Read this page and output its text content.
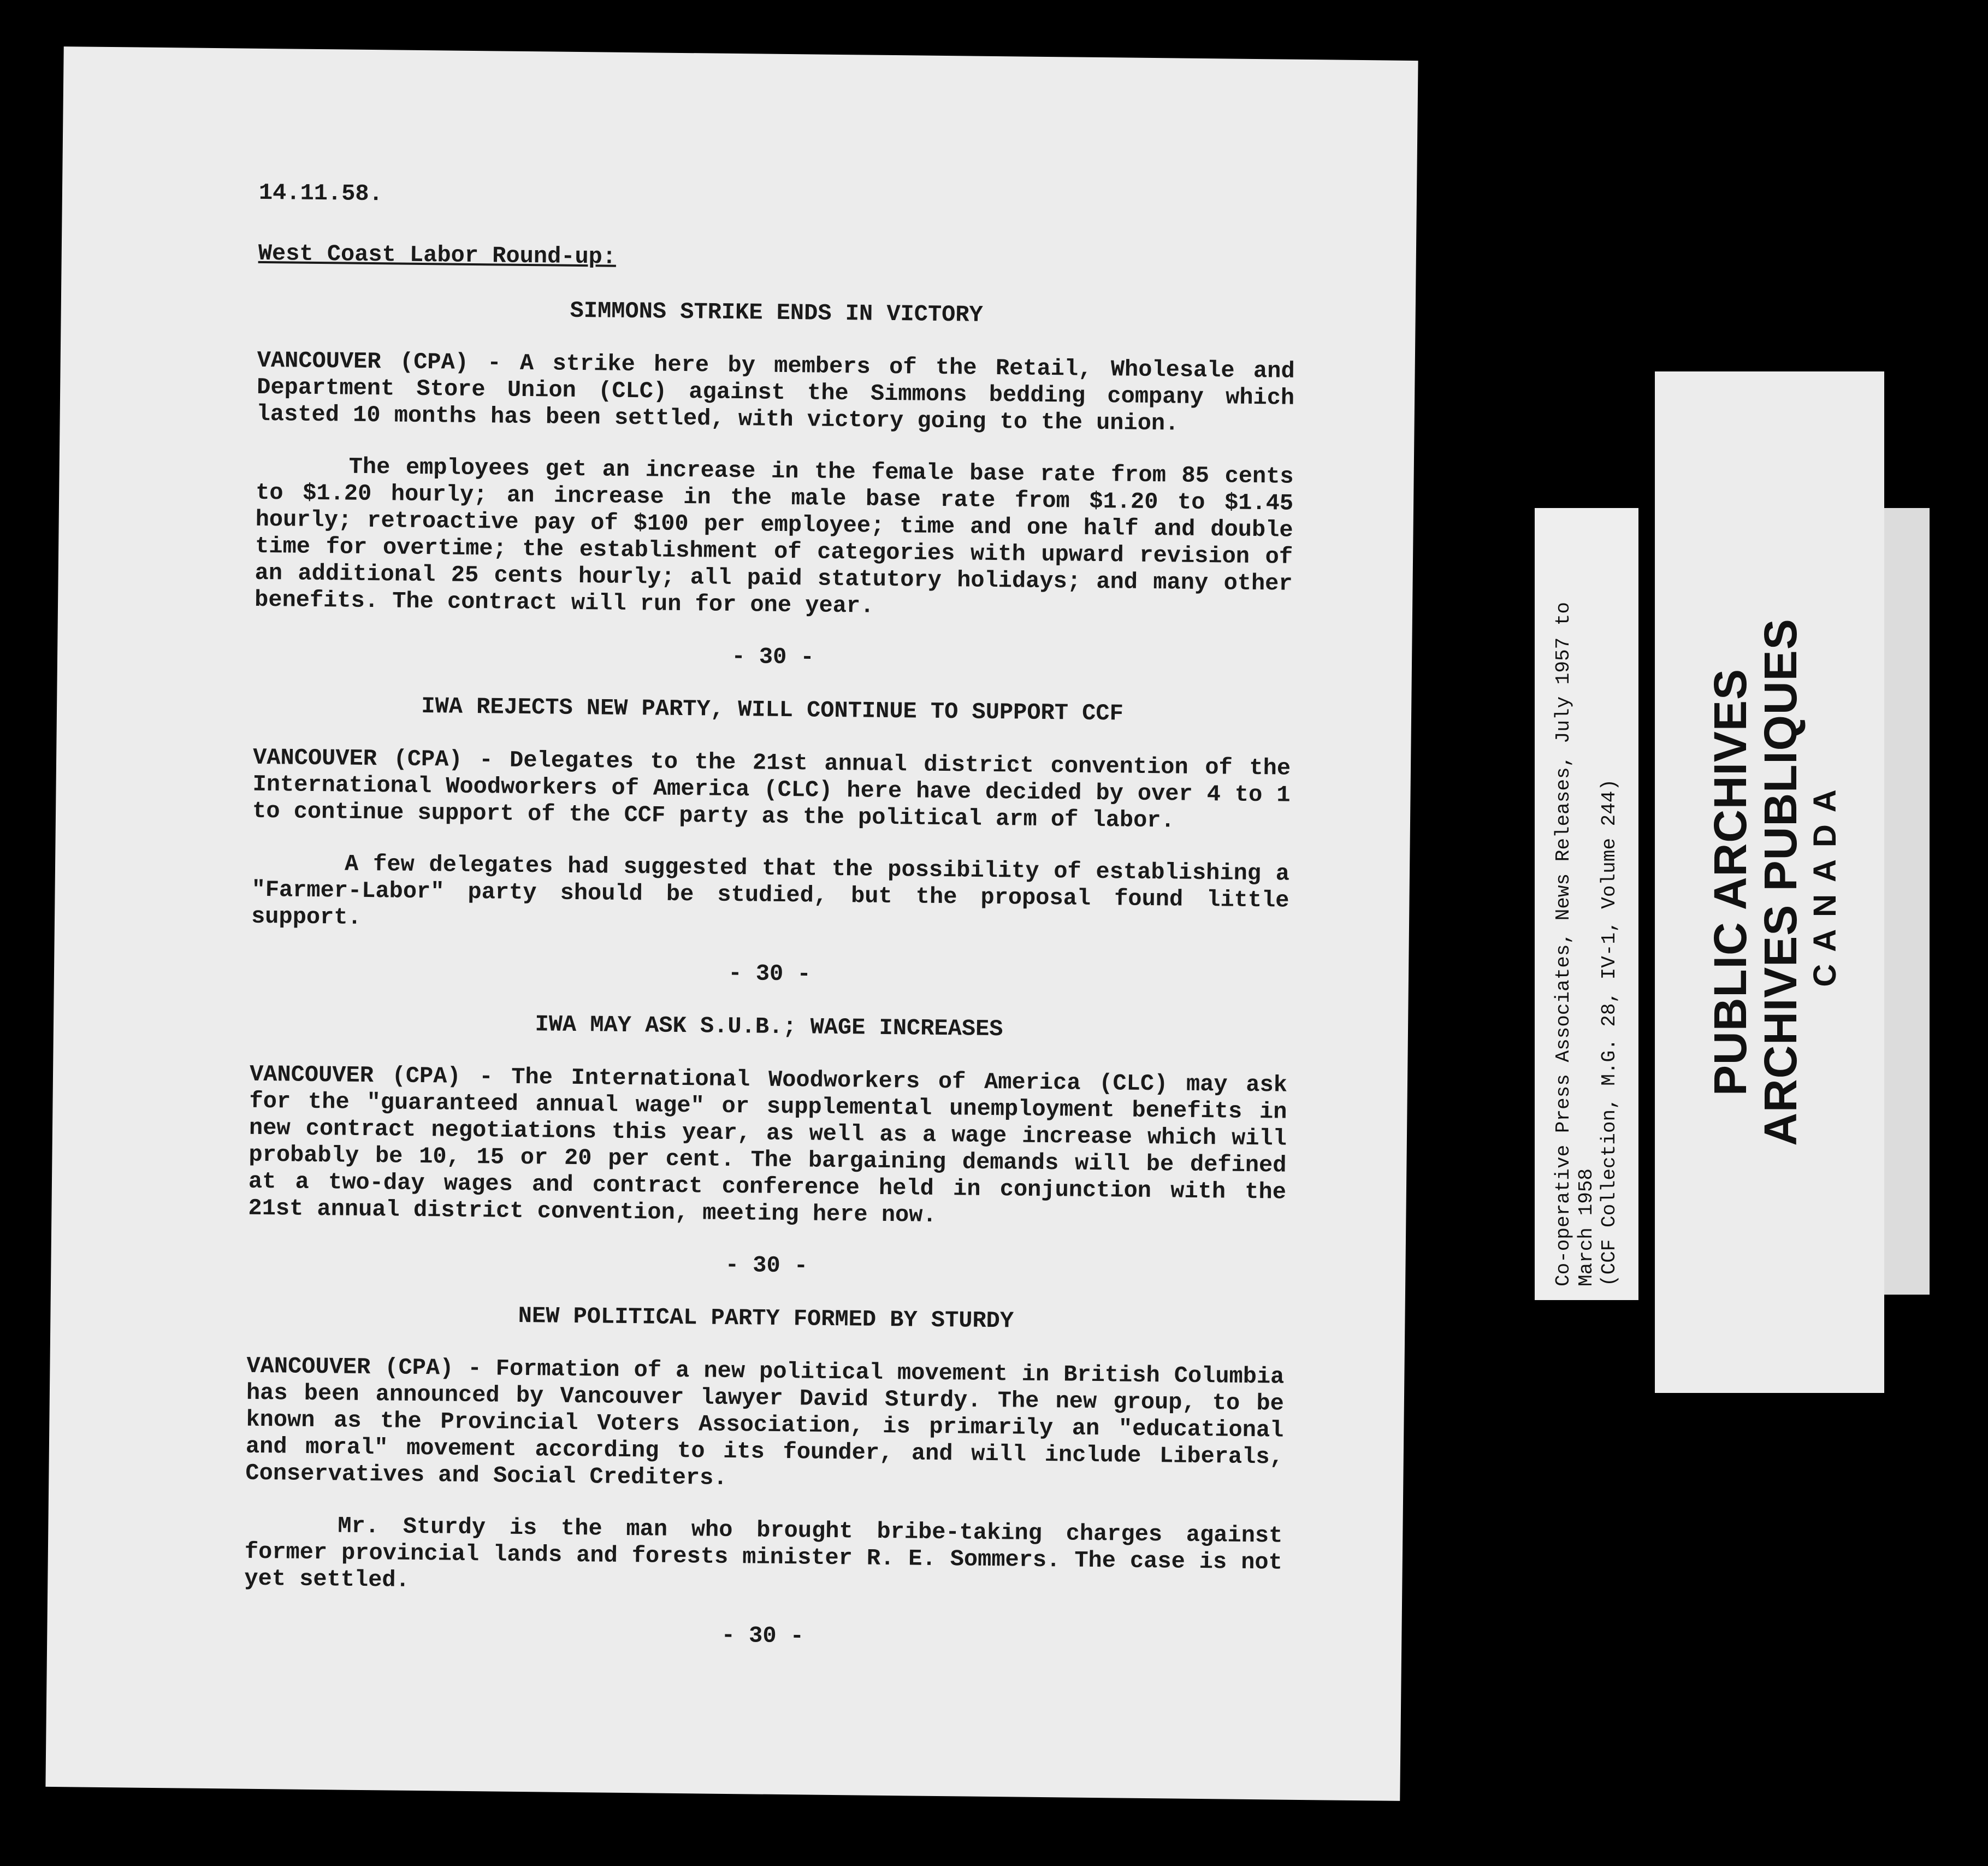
14.11.58.
West Coast Labor Round-up:
SIMMONS STRIKE ENDS IN VICTORY
VANCOUVER (CPA) - A strike here by members of the Retail, Wholesale and Department Store Union (CLC) against the Simmons bedding company which lasted 10 months has been settled, with victory going to the union.
The employees get an increase in the female base rate from 85 cents to $1.20 hourly; an increase in the male base rate from $1.20 to $1.45 hourly; retroactive pay of $100 per employee; time and one half and double time for overtime; the establishment of categories with upward revision of an additional 25 cents hourly; all paid statutory holidays; and many other benefits. The contract will run for one year.
- 30 -
IWA REJECTS NEW PARTY, WILL CONTINUE TO SUPPORT CCF
VANCOUVER (CPA) - Delegates to the 21st annual district convention of the International Woodworkers of America (CLC) here have decided by over 4 to 1 to continue support of the CCF party as the political arm of labor.
A few delegates had suggested that the possibility of establishing a "Farmer-Labor" party should be studied, but the proposal found little support.
- 30 -
IWA MAY ASK S.U.B.; WAGE INCREASES
VANCOUVER (CPA) - The International Woodworkers of America (CLC) may ask for the "guaranteed annual wage" or supplemental unemployment benefits in new contract negotiations this year, as well as a wage increase which will probably be 10, 15 or 20 per cent. The bargaining demands will be defined at a two-day wages and contract conference held in conjunction with the 21st annual district convention, meeting here now.
- 30 -
NEW POLITICAL PARTY FORMED BY STURDY
VANCOUVER (CPA) - Formation of a new political movement in British Columbia has been announced by Vancouver lawyer David Sturdy. The new group, to be known as the Provincial Voters Association, is primarily an "educational and moral" movement according to its founder, and will include Liberals, Conservatives and Social Crediters.
Mr. Sturdy is the man who brought bribe-taking charges against former provincial lands and forests minister R. E. Sommers. The case is not yet settled.
- 30 -
Co-operative Press Associates, News Releases, July 1957 to March 1958 (CCF Collection, M.G. 28, IV-1, Volume 244) PUBLIC ARCHIVES
ARCHIVES PUBLIQUES CANADA
